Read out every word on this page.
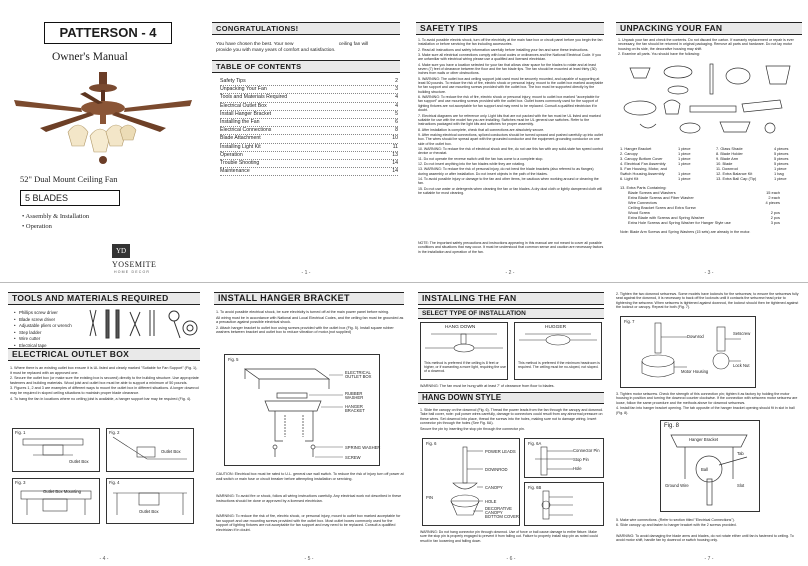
PATTERSON - 4
Owner's Manual
52" Dual Mount Ceiling Fan
5 BLADES
• Assembly & Installation
• Operation
YD
YOSEMITE
HOME DECOR
CONGRATULATIONS!
You have chosen the best. Your new                                  ceiling fan will
provide you with many years of comfort and satisfaction.
TABLE OF CONTENTS
Safety Tips	2
Unpacking Your Fan	3
Tools and Materials Required	4
Electrical Outlet Box	4
Install Hanger Bracket	5
Installing the Fan	6
Electrical Connections	8
Blade Attachment	10
Installing Light Kit	11
Operation	13
Trouble Shooting	14
Maintenance	14
- 1 -
SAFETY TIPS

1. To avoid possible electric shock, turn off the electricity at the main fuse box or circuit panel before you begin the fan installation or before servicing the fan including accessories.

2. Read all instructions and safety information carefully before installing your fan and save these instructions.

3. Make sure all electrical connections comply with local codes or ordinances and the National Electrical Code. If you are unfamiliar with electrical wiring please use a qualified and licensed electrician.

4. Make sure you have a location selected for your fan that allows clear space for the blades to rotate and at least seven (7) feet of clearance between the floor and the fan blade tips. The fan should be mounted at least thirty (30) inches from walls or other obstructions.

5. WARNING: The outlet box and ceiling support joist used must be securely mounted, and capable of supporting at least 50 pounds. To reduce the risk of fire, electric shock or personal injury, mount to the outlet box marked acceptable for fan support and use mounting screws provided with the outlet box. The box must be supported directly by the building structure.

6. WARNING: To reduce the risk of fire, electric shock or personal injury, mount to outlet box marked "acceptable for fan support" and use mounting screws provided with the outlet box. Outlet boxes commonly used for the support of lighting fixtures are not acceptable for fan support and may need to be replaced. Consult a qualified electrician if in doubt.

7. Electrical diagrams are for reference only. Light kits that are not packed with the fan must be UL listed and marked suitable for use with the model fan you are installing. Switches must be UL general use switches. Refer to the instructions packaged with the light kits and switches for proper assembly.

8. After installation is complete, check that all connections are absolutely secure.

9. After making electrical connections, spliced conductors should be turned upward and pushed carefully up into outlet box. The wires should be spread apart with the grounded conductor and the equipment-grounding conductor on one side of the outlet box.

10. WARNING: To reduce the risk of electrical shock and fire, do not use this fan with any solid-state fan speed control device or rheostat.

11. Do not operate the reverse switch until the fan has come to a complete stop.

12. Do not insert anything into the fan blades while they are rotating.

13. WARNING: To reduce the risk of personal injury, do not bend the blade brackets (also referred to as flanges) during assembly or after installation. Do not insert objects in the path of the blades.

14. To avoid possible injury or damage to the fan and other items, be cautious when working around or cleaning the fan.

15. Do not use water or detergents when cleaning the fan or fan blades. A dry dust cloth or lightly dampened cloth will be suitable for most cleaning.

NOTE: The important safety precautions and instructions appearing in this manual are not meant to cover all possible conditions and situations that may occur. It must be understood that common sense and caution are necessary factors in the installation and operation of the fan.
- 2 -
UNPACKING YOUR FAN

1. Unpack your fan and check the contents. Do not discard the carton. If warranty replacement or repair is ever necessary, the fan should be returned in original packaging. Remove all parts and hardware. Do not lay motor housing on its side, the decorative housing may shift.

2. Examine all parts. You should have the following:

1. Hanger Bracket	1 piece
2. Canopy	1 piece
3. Canopy Bottom Cover	1 piece
4. Electrical Fan Assembly	1 piece
5. Fan Housing, Motor, and
Switch Housing Assembly	1 piece
6. Light Kit	1 piece
7. Glass Shade	4 pieces
8. Blade Holder	5 pieces
9. Blade Arm	5 pieces
10. Blade	5 pieces
11. Downrod	1 piece
12. Extra Balance Kit	1 bag
13. Extra Ball Cap (Tip)	1 piece
13. Extra Parts Containing:
Blade Screws and Washers	15 each
Extra Blade Screws and Fiber Washer	2 each
Wire Connectors	4 pieces
Ceiling Bracket Screw and Extra Screw
Wood Screw	2 pcs
Extra Blade with Screws and Spring Washer	2 pcs
Extra Hole Screws and Spring Washer for Hanger Style use	3 pcs
Note: Blade Arm Screws and Spring Washers (15 sets) are already in the motor.
- 3 -
TOOLS AND MATERIALS REQUIRED
• Phillips screw driver
• Blade screw driver
• Adjustable pliers or wrench
• Step ladder
• Wire cutter
• Electrical tape
ELECTRICAL OUTLET BOX

1. Where there is an existing outlet box ensure it is UL listed and clearly marked "Suitable for Fan Support" (Fig. 1), it must be replaced with an approved one.

2. Secure the outlet box (or make sure the existing box is secured) directly to the building structure. Use appropriate fasteners and building materials. Wood joist and outlet box must be able to support a minimum of 50 pounds.

3. Figures 1, 2 and 3 are examples of different ways to mount the outlet box in different situations. A longer downrod may be required in sloped ceiling situations to maintain proper blade clearance.

4. To hang the fan in locations where no ceiling joist is available, a hanger support bar may be required (Fig. 4).

Fig. 1
Outlet Box
Fig. 2
Outlet Box
Fig. 3
Outlet Box Mounting
Fig. 4
Outlet Box
- 4 -
INSTALL HANGER BRACKET

1. To avoid possible electrical shock, be sure electricity is turned off at the main power panel before wiring.

All wiring must be in accordance with National and Local Electrical Codes, and the ceiling fan must be grounded as a precaution against possible electrical shock.

2. Attach hanger bracket to outlet box using screws provided with the outlet box (Fig. 5). Install square rubber washers between bracket and outlet box to reduce vibration of motor.(not supplied)

Fig. 5
ELECTRICAL OUTLET BOX
RUBBER WASHER
HANGER BRACKET
SPRING WASHER
SCREW
CAUTION: Electrical box must be rated to U.L. general use wall switch. To reduce the risk of injury turn off power at wall switch or main fuse or circuit breaker before attempting installation or servicing.
WARNING: To avoid fire or shock, follow all wiring instructions carefully. Any electrical work not described in these instructions should be done or approved by a licensed electrician.
WARNING: To reduce the risk of fire, electric shock, or personal injury, mount to outlet box marked acceptable for fan support and use mounting screws provided with the outlet box. Most outlet boxes commonly used for the support of lighting fixtures are not acceptable for fan support and may need to be replaced. Consult a qualified electrician if in doubt.
- 5 -
INSTALLING THE FAN
SELECT TYPE OF INSTALLATION
HANG DOWN
This method is preferred if the ceiling is 8 feet or higher, or if warranting a more light, requiring the use of a downrod.
HUGGER
This method is preferred if the minimum headroom is required. The ceiling must be no-sloped, not sloped.
WARNING: The fan must be hung with at least 7' of clearance from floor to blades.
HANG DOWN STYLE

1. Slide the canopy on the downrod (Fig. 6). Thread the power leads from the fan through the canopy and downrod. Take ball cover, note: pull power wires carefully, damage to connectors could result from any abnormal pressure on these wires. Set downrod into place, thread the screws into the holes, making sure not to damage wiring. Insert connector pin through the holes (See Fig. 6A).

Secure the pin by inserting the stop pin through the connector pin.

Fig. 6
POWER LEADS
DOWNROD
CANOPY
HOLE
PIN
DECORATIVE CANOPY BOTTOM COVER
Fig. 6A
Connector Pin
Stop Pin
Hole
Fig. 6B
WARNING: Do not hang connector pin through downrod. Use of force or ball cause damage to entire fixture. Make sure the stop pin is properly engaged to prevent it from falling out. Failure to properly install stop pin as noted could result in fan loosening and falling down.
- 6 -
2. Tighten the two downrod setscrews. Some models have locknuts for the setscrews; to ensure the setscrews fully seat against the downrod, it is necessary to back off the locknuts until it contacts the setscrew head prior to tightening the setscrew. When setscrew is tightened against downrod, the locknut should then be tightened against the locknut or canopy. Repeat for both (Fig. 7).
Fig. 7
Downrod
Setscrew
Lock Nut
Motor Housing

3. Tighten motor setscrew. Check the strength of this connection pin; tighten it as factory by holding the motor housing in position and turning the downrod counter clockwise. If the connection with setscrew motor setscrew are loose, follow the same procedure and the methods above for downrod setscrews.

4. Install fan into hanger bracket opening. The tab opposite of the hanger bracket opening should fit in slot in ball (Fig. 8).

Fig. 8
Hanger Bracket
Ball
Tab
Ground Wire	Slot

5. Make wire connections. (Refer to section titled "Electrical Connections").

6. Slide canopy up and fasten to hanger bracket with the 2 screws provided.

WARNING: To avoid damaging the blade arms and blades, do not rotate either until fan is fastened to ceiling. To avoid motor shift, handle fan by downrod or switch housing only.
- 7 -
